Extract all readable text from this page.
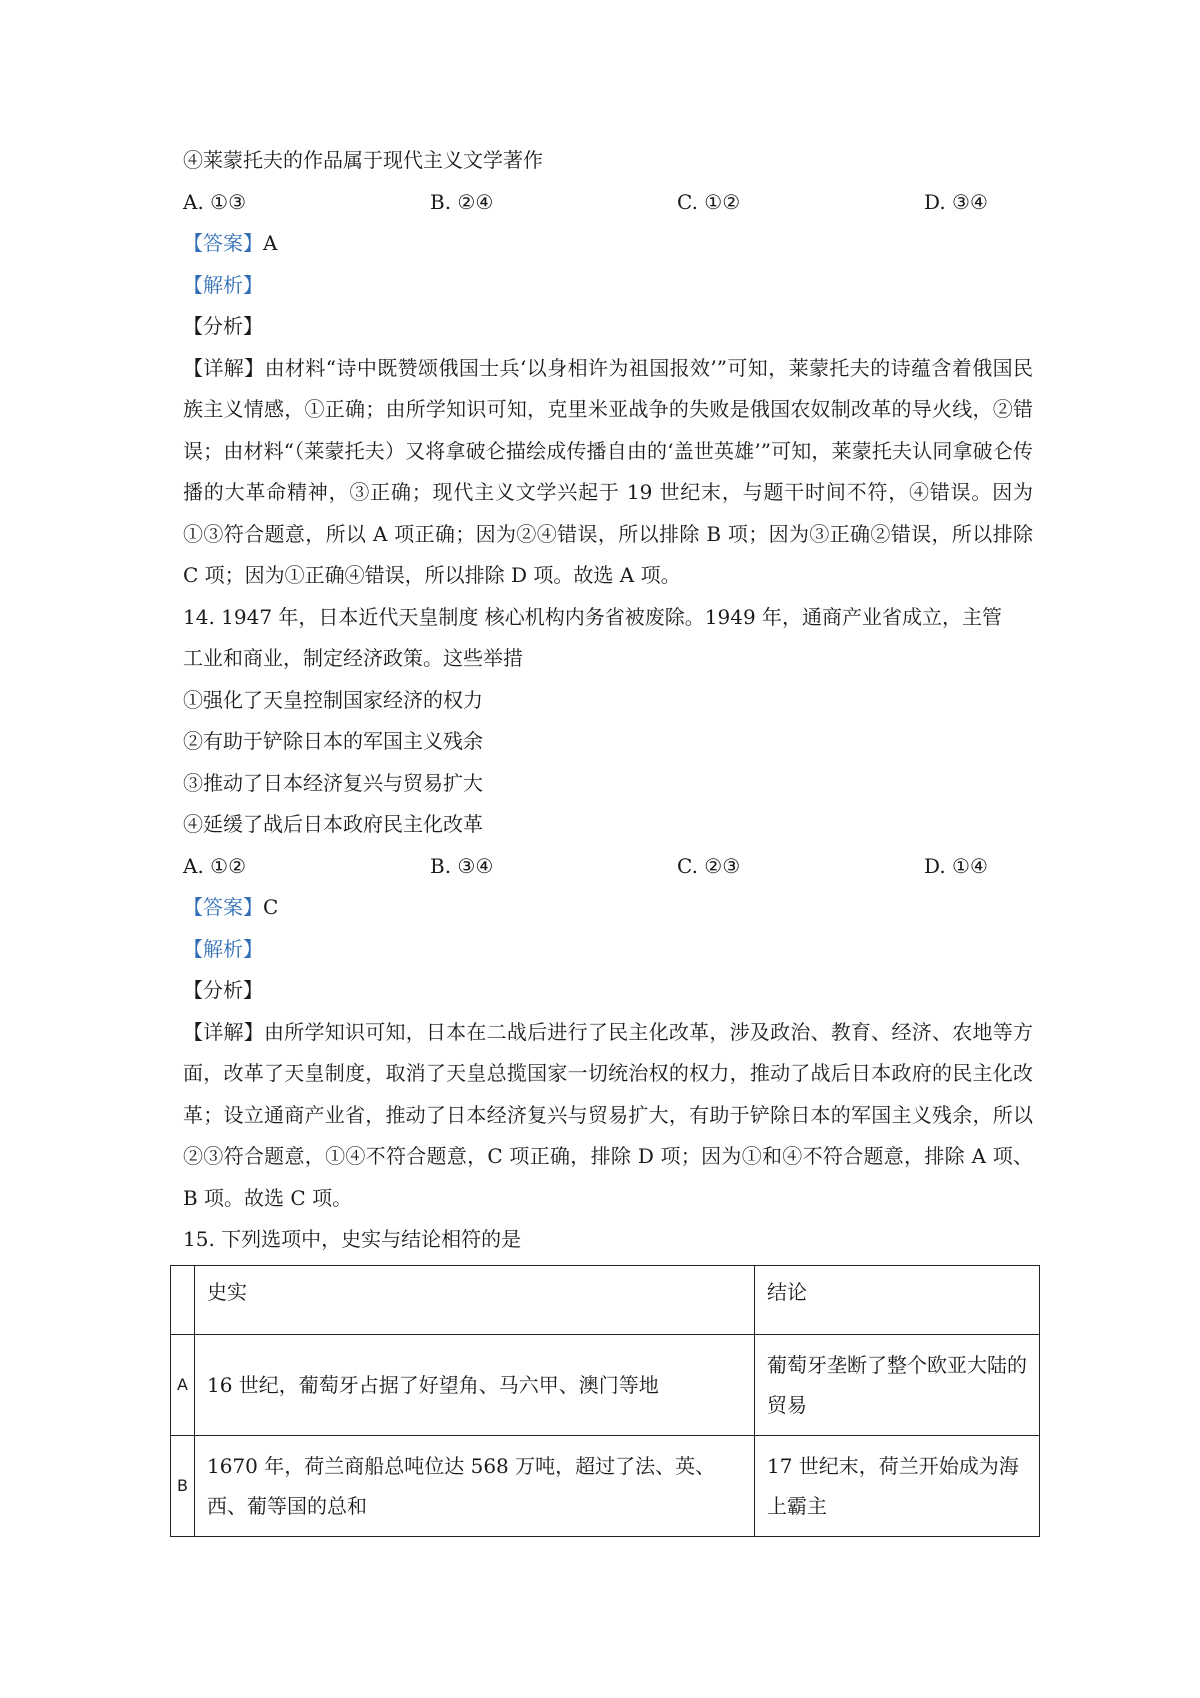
④莱蒙托夫的作品属于现代主义文学著作
A. ①③	B. ②④	C. ①②	D. ③④
【答案】A
【解析】
【分析】
【详解】由材料“诗中既赞颂俄国士兵‘以身相许为祖国报效’”可知，莱蒙托夫的诗蕴含着俄国民族主义情感，①正确；由所学知识可知，克里米亚战争的失败是俄国农奴制改革的导火线，②错误；由材料“（莱蒙托夫）又将拿破仑描绘成传播自由的‘盖世英雄’”可知，莱蒙托夫认同拿破仑传播的大革命精神，③正确；现代主义文学兴起于 19 世纪末，与题干时间不符，④错误。因为①③符合题意，所以 A 项正确；因为②④错误，所以排除 B 项；因为③正确②错误，所以排除 C 项；因为①正确④错误，所以排除 D 项。故选 A 项。
14. 1947 年，日本近代天皇制度 核心机构内务省被废除。1949 年，通商产业省成立，主管
工业和商业，制定经济政策。这些举措
①强化了天皇控制国家经济的权力
②有助于铲除日本的军国主义残余
③推动了日本经济复兴与贸易扩大
④延缓了战后日本政府民主化改革
A. ①②	B. ③④	C. ②③	D. ①④
【答案】C
【解析】
【分析】
【详解】由所学知识可知，日本在二战后进行了民主化改革，涉及政治、教育、经济、农地等方面，改革了天皇制度，取消了天皇总揽国家一切统治权的权力，推动了战后日本政府的民主化改革；设立通商产业省，推动了日本经济复兴与贸易扩大，有助于铲除日本的军国主义残余，所以②③符合题意，①④不符合题意，C 项正确，排除 D 项；因为①和④不符合题意，排除 A 项、B 项。故选 C 项。
15. 下列选项中，史实与结论相符的是
	史实	结论
A	16 世纪，葡萄牙占据了好望角、马六甲、澳门等地	葡萄牙垄断了整个欧亚大陆的贸易
B	1670 年，荷兰商船总吨位达 568 万吨，超过了法、英、西、葡等国的总和	17 世纪末，荷兰开始成为海上霸主
